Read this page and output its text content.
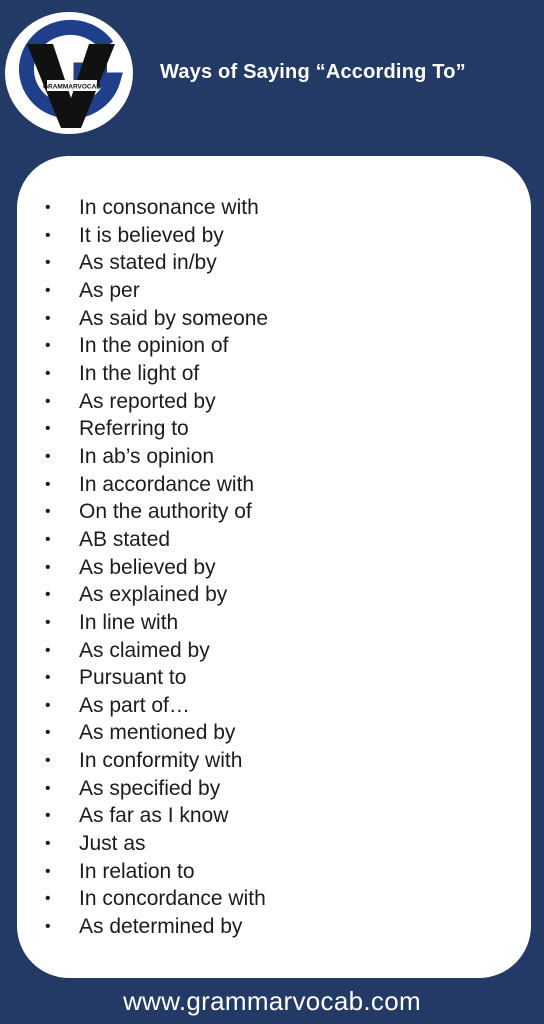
GRAMMARVOCAB
Ways of Saying “According To”
•	In consonance with
•	It is believed by
•	As stated in/by
•	As per
•	As said by someone
•	In the opinion of
•	In the light of
•	As reported by
•	Referring to
•	In ab’s opinion
•	In accordance with
•	On the authority of
•	AB stated
•	As believed by
•	As explained by
•	In line with
•	As claimed by
•	Pursuant to
•	As part of…
•	As mentioned by
•	In conformity with
•	As specified by
•	As far as I know
•	Just as
•	In relation to
•	In concordance with
•	As determined by
www.grammarvocab.com
